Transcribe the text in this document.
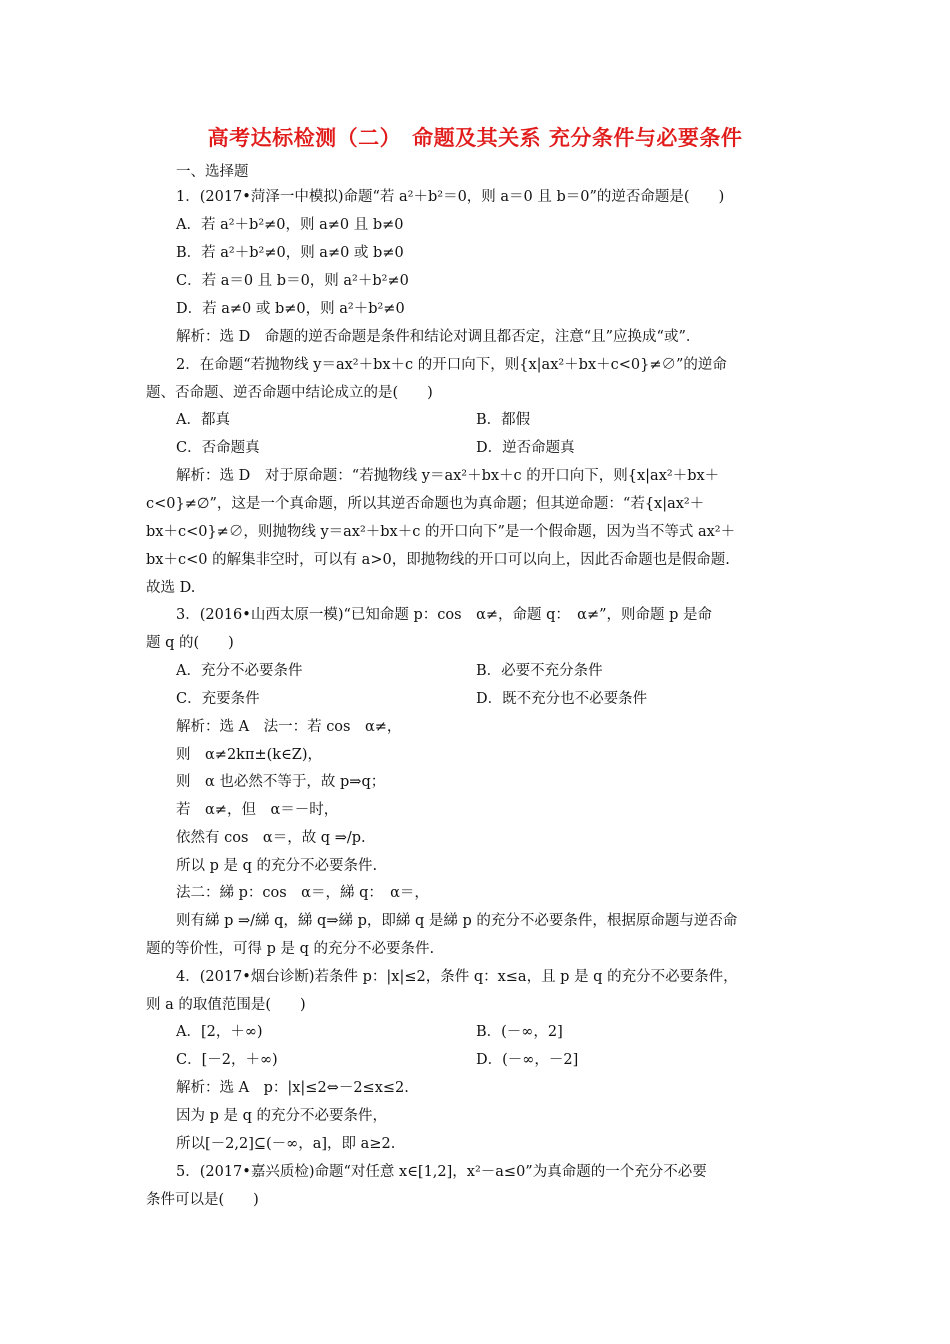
高考达标检测（二）　命题及其关系 充分条件与必要条件
一、选择题
1．(2017•菏泽一中模拟)命题“若 a²＋b²＝0，则 a＝0 且 b＝0”的逆否命题是(　　)
A．若 a²＋b²≠0，则 a≠0 且 b≠0
B．若 a²＋b²≠0，则 a≠0 或 b≠0
C．若 a＝0 且 b＝0，则 a²＋b²≠0
D．若 a≠0 或 b≠0，则 a²＋b²≠0
解析：选 D　命题的逆否命题是条件和结论对调且都否定，注意“且”应换成“或”．
2．在命题“若抛物线 y＝ax²＋bx＋c 的开口向下，则{x|ax²＋bx＋c<0}≠∅”的逆命
题、否命题、逆否命题中结论成立的是(　　)
A．都真	B．都假
C．否命题真	D．逆否命题真
解析：选 D　对于原命题：“若抛物线 y＝ax²＋bx＋c 的开口向下，则{x|ax²＋bx＋
c<0}≠∅”，这是一个真命题，所以其逆否命题也为真命题；但其逆命题：“若{x|ax²＋
bx＋c<0}≠∅，则抛物线 y＝ax²＋bx＋c 的开口向下”是一个假命题，因为当不等式 ax²＋
bx＋c<0 的解集非空时，可以有 a>0，即抛物线的开口可以向上，因此否命题也是假命题.
故选 D.
3．(2016•山西太原一模)“已知命题 p：cos　α≠，命题 q：　α≠”，则命题 p 是命
题 q 的(　　)
A．充分不必要条件	B．必要不充分条件
C．充要条件	D．既不充分也不必要条件
解析：选 A　法一：若 cos　α≠，
则　α≠2kπ±(k∈Z)，
则　α 也必然不等于，故 p⇒q；
若　α≠，但　α＝－时，
依然有 cos　α＝，故 q ⇒/p.
所以 p 是 q 的充分不必要条件.
法二：綈 p：cos　α＝，綈 q：　α＝，
则有綈 p ⇒/綈 q，綈 q⇒綈 p，即綈 q 是綈 p 的充分不必要条件，根据原命题与逆否命
题的等价性，可得 p 是 q 的充分不必要条件.
4．(2017•烟台诊断)若条件 p：|x|≤2，条件 q：x≤a，且 p 是 q 的充分不必要条件，
则 a 的取值范围是(　　)
A．[2，＋∞)	B．(－∞，2]
C．[－2，＋∞)	D．(－∞，－2]
解析：选 A　p：|x|≤2⇔－2≤x≤2.
因为 p 是 q 的充分不必要条件，
所以[－2,2]⊆(－∞，a]，即 a≥2.
5．(2017•嘉兴质检)命题“对任意 x∈[1,2]，x²－a≤0”为真命题的一个充分不必要
条件可以是(　　)
